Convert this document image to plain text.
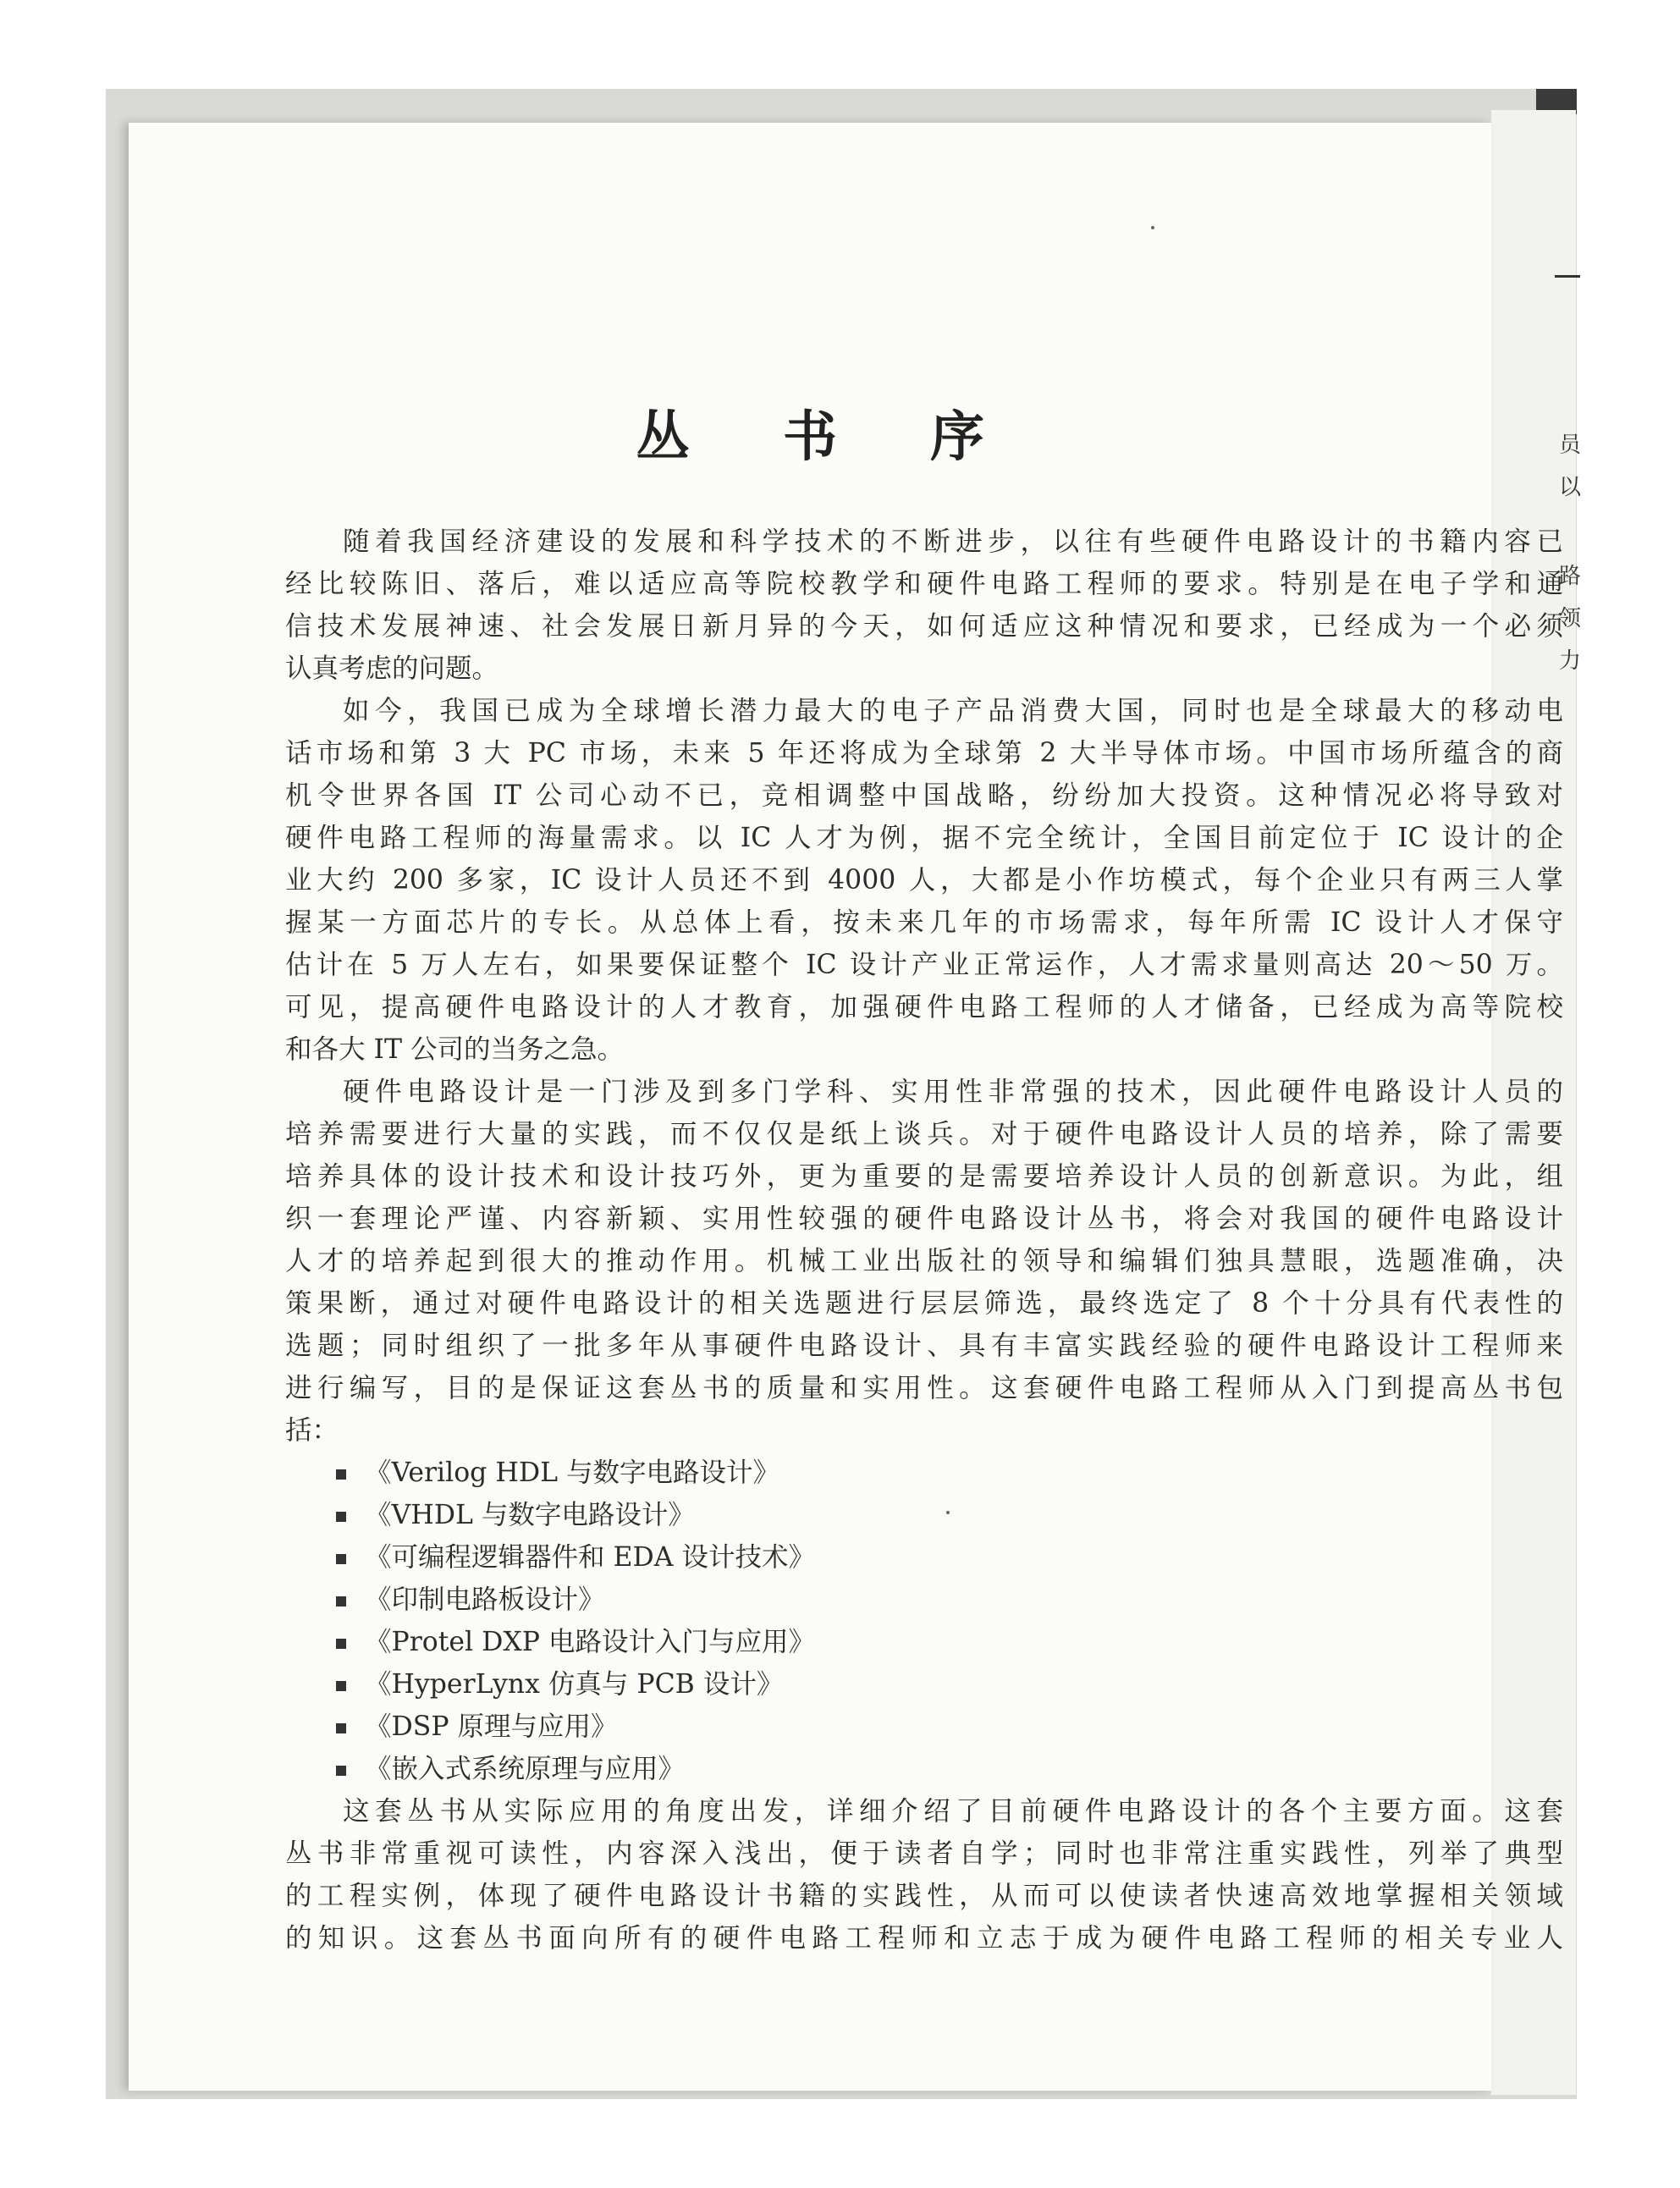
员
以
路
领
力
丛书序
随着我国经济建设的发展和科学技术的不断进步，以往有些硬件电路设计的书籍内容已
经比较陈旧、落后，难以适应高等院校教学和硬件电路工程师的要求。特别是在电子学和通
信技术发展神速、社会发展日新月异的今天，如何适应这种情况和要求，已经成为一个必须
认真考虑的问题。
如今，我国已成为全球增长潜力最大的电子产品消费大国，同时也是全球最大的移动电
话市场和第 3 大 PC 市场，未来 5 年还将成为全球第 2 大半导体市场。中国市场所蕴含的商
机令世界各国 IT 公司心动不已，竞相调整中国战略，纷纷加大投资。这种情况必将导致对
硬件电路工程师的海量需求。以 IC 人才为例，据不完全统计，全国目前定位于 IC 设计的企
业大约 200 多家，IC 设计人员还不到 4000 人，大都是小作坊模式，每个企业只有两三人掌
握某一方面芯片的专长。从总体上看，按未来几年的市场需求，每年所需 IC 设计人才保守
估计在 5 万人左右，如果要保证整个 IC 设计产业正常运作，人才需求量则高达 20～50 万。
可见，提高硬件电路设计的人才教育，加强硬件电路工程师的人才储备，已经成为高等院校
和各大 IT 公司的当务之急。
硬件电路设计是一门涉及到多门学科、实用性非常强的技术，因此硬件电路设计人员的
培养需要进行大量的实践，而不仅仅是纸上谈兵。对于硬件电路设计人员的培养，除了需要
培养具体的设计技术和设计技巧外，更为重要的是需要培养设计人员的创新意识。为此，组
织一套理论严谨、内容新颖、实用性较强的硬件电路设计丛书，将会对我国的硬件电路设计
人才的培养起到很大的推动作用。机械工业出版社的领导和编辑们独具慧眼，选题准确，决
策果断，通过对硬件电路设计的相关选题进行层层筛选，最终选定了 8 个十分具有代表性的
选题；同时组织了一批多年从事硬件电路设计、具有丰富实践经验的硬件电路设计工程师来
进行编写，目的是保证这套丛书的质量和实用性。这套硬件电路工程师从入门到提高丛书包
括：
《Verilog HDL 与数字电路设计》
《VHDL 与数字电路设计》
《可编程逻辑器件和 EDA 设计技术》
《印制电路板设计》
《Protel DXP 电路设计入门与应用》
《HyperLynx 仿真与 PCB 设计》
《DSP 原理与应用》
《嵌入式系统原理与应用》
这套丛书从实际应用的角度出发，详细介绍了目前硬件电路设计的各个主要方面。这套
丛书非常重视可读性，内容深入浅出，便于读者自学；同时也非常注重实践性，列举了典型
的工程实例，体现了硬件电路设计书籍的实践性，从而可以使读者快速高效地掌握相关领域
的知识。这套丛书面向所有的硬件电路工程师和立志于成为硬件电路工程师的相关专业人
